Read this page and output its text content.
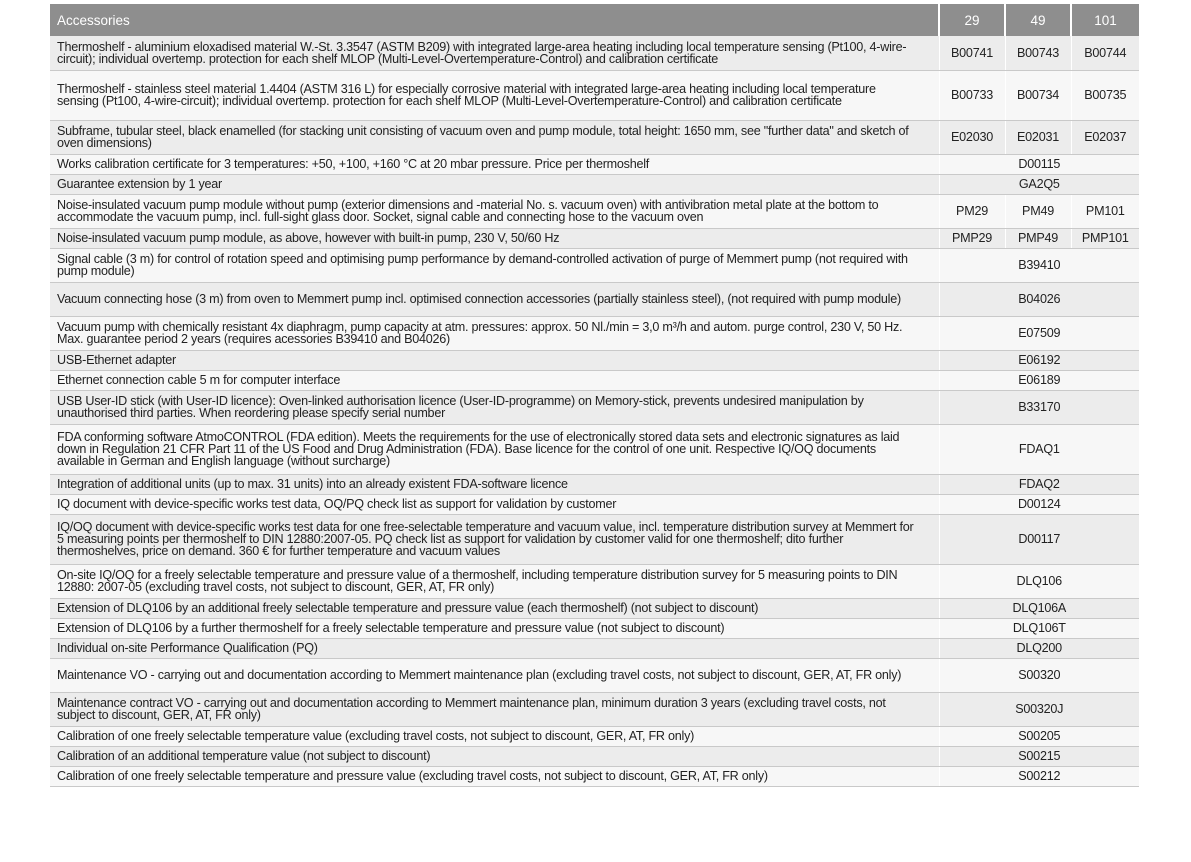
Accessories	29	49	101
Thermoshelf - aluminium eloxadised material W.-St. 3.3547 (ASTM B209) with integrated large-area heating including local temperature sensing (Pt100, 4-wire-circuit); individual overtemp. protection for each shelf MLOP (Multi-Level-Overtemperature-Control) and calibration certificate	B00741	B00743	B00744
Thermoshelf - stainless steel material 1.4404 (ASTM 316 L) for especially corrosive material with integrated large-area heating including local temperature sensing (Pt100, 4-wire-circuit); individual overtemp. protection for each shelf MLOP (Multi-Level-Overtemperature-Control) and calibration certificate	B00733	B00734	B00735
Subframe, tubular steel, black enamelled (for stacking unit consisting of vacuum oven and pump module, total height: 1650 mm, see "further data" and sketch of oven dimensions)	E02030	E02031	E02037
Works calibration certificate for 3 temperatures: +50, +100, +160 °C at 20 mbar pressure. Price per thermoshelf	D00115		
Guarantee extension by 1 year	GA2Q5		
Noise-insulated vacuum pump module without pump (exterior dimensions and -material No. s. vacuum oven) with antivibration metal plate at the bottom to accommodate the vacuum pump, incl. full-sight glass door. Socket, signal cable and connecting hose to the vacuum oven	PM29	PM49	PM101
Noise-insulated vacuum pump module, as above, however with built-in pump, 230 V, 50/60 Hz	PMP29	PMP49	PMP101
Signal cable (3 m) for control of rotation speed and optimising pump performance by demand-controlled activation of purge of Memmert pump (not required with pump module)	B39410		
Vacuum connecting hose (3 m) from oven to Memmert pump incl. optimised connection accessories (partially stainless steel), (not required with pump module)	B04026		
Vacuum pump with chemically resistant 4x diaphragm, pump capacity at atm. pressures: approx. 50 Nl./min = 3,0 m³/h and autom. purge control, 230 V, 50 Hz. Max. guarantee period 2 years (requires acessories B39410 and B04026)	E07509		
USB-Ethernet adapter	E06192		
Ethernet connection cable 5 m for computer interface	E06189		
USB User-ID stick (with User-ID licence): Oven-linked authorisation licence (User-ID-programme) on Memory-stick, prevents undesired manipulation by unauthorised third parties. When reordering please specify serial number	B33170		
FDA conforming software AtmoCONTROL (FDA edition). Meets the requirements for the use of electronically stored data sets and electronic signatures as laid down in Regulation 21 CFR Part 11 of the US Food and Drug Administration (FDA). Base licence for the control of one unit. Respective IQ/OQ documents available in German and English language (without surcharge)	FDAQ1		
Integration of additional units (up to max. 31 units) into an already existent FDA-software licence	FDAQ2		
IQ document with device-specific works test data, OQ/PQ check list as support for validation by customer	D00124		
IQ/OQ document with device-specific works test data for one free-selectable temperature and vacuum value, incl. temperature distribution survey at Memmert for 5 measuring points per thermoshelf to DIN 12880:2007-05. PQ check list as support for validation by customer valid for one thermoshelf; dito further thermoshelves, price on demand. 360 € for further temperature and vacuum values	D00117		
On-site IQ/OQ for a freely selectable temperature and pressure value of a thermoshelf, including temperature distribution survey for 5 measuring points to DIN 12880: 2007-05 (excluding travel costs, not subject to discount, GER, AT, FR only)	DLQ106		
Extension of DLQ106 by an additional freely selectable temperature and pressure value (each thermoshelf) (not subject to discount)	DLQ106A		
Extension of DLQ106 by a further thermoshelf for a freely selectable temperature and pressure value (not subject to discount)	DLQ106T		
Individual on-site Performance Qualification (PQ)	DLQ200		
Maintenance VO - carrying out and documentation according to Memmert maintenance plan (excluding travel costs, not subject to discount, GER, AT, FR only)	S00320		
Maintenance contract VO - carrying out and documentation according to Memmert maintenance plan, minimum duration 3 years (excluding travel costs, not subject to discount, GER, AT, FR only)	S00320J		
Calibration of one freely selectable temperature value (excluding travel costs, not subject to discount, GER, AT, FR only)	S00205		
Calibration of an additional temperature value (not subject to discount)	S00215		
Calibration of one freely selectable temperature and pressure value (excluding travel costs, not subject to discount, GER, AT, FR only)	S00212		
